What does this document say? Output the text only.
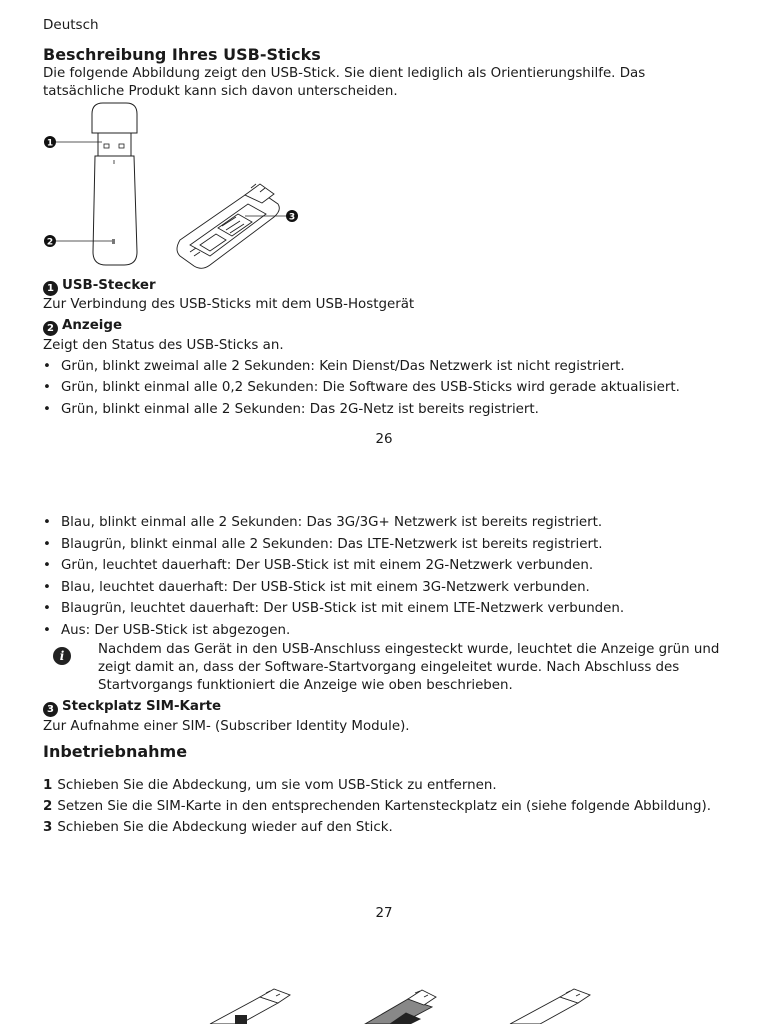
Deutsch
Beschreibung Ihres USB-Sticks
Die folgende Abbildung zeigt den USB-Stick. Sie dient lediglich als Orientierungshilfe. Das
tatsächliche Produkt kann sich davon unterscheiden.
1
2
3
1 USB-Stecker
Zur Verbindung des USB-Sticks mit dem USB-Hostgerät
2 Anzeige
Zeigt den Status des USB-Sticks an.
• Grün, blinkt zweimal alle 2 Sekunden: Kein Dienst/Das Netzwerk ist nicht registriert.
• Grün, blinkt einmal alle 0,2 Sekunden: Die Software des USB-Sticks wird gerade aktualisiert.
• Grün, blinkt einmal alle 2 Sekunden: Das 2G-Netz ist bereits registriert.
26
• Blau, blinkt einmal alle 2 Sekunden: Das 3G/3G+ Netzwerk ist bereits registriert.
• Blaugrün, blinkt einmal alle 2 Sekunden: Das LTE-Netzwerk ist bereits registriert.
• Grün, leuchtet dauerhaft: Der USB-Stick ist mit einem 2G-Netzwerk verbunden.
• Blau, leuchtet dauerhaft: Der USB-Stick ist mit einem 3G-Netzwerk verbunden.
• Blaugrün, leuchtet dauerhaft: Der USB-Stick ist mit einem LTE-Netzwerk verbunden.
• Aus: Der USB-Stick ist abgezogen.
i	Nachdem das Gerät in den USB-Anschluss eingesteckt wurde, leuchtet die Anzeige grün und
zeigt damit an, dass der Software-Startvorgang eingeleitet wurde. Nach Abschluss des
Startvorgangs funktioniert die Anzeige wie oben beschrieben.
3 Steckplatz SIM-Karte
Zur Aufnahme einer SIM- (Subscriber Identity Module).
Inbetriebnahme
1 Schieben Sie die Abdeckung, um sie vom USB-Stick zu entfernen.
2 Setzen Sie die SIM-Karte in den entsprechenden Kartensteckplatz ein (siehe folgende Abbildung).
3 Schieben Sie die Abdeckung wieder auf den Stick.
27
